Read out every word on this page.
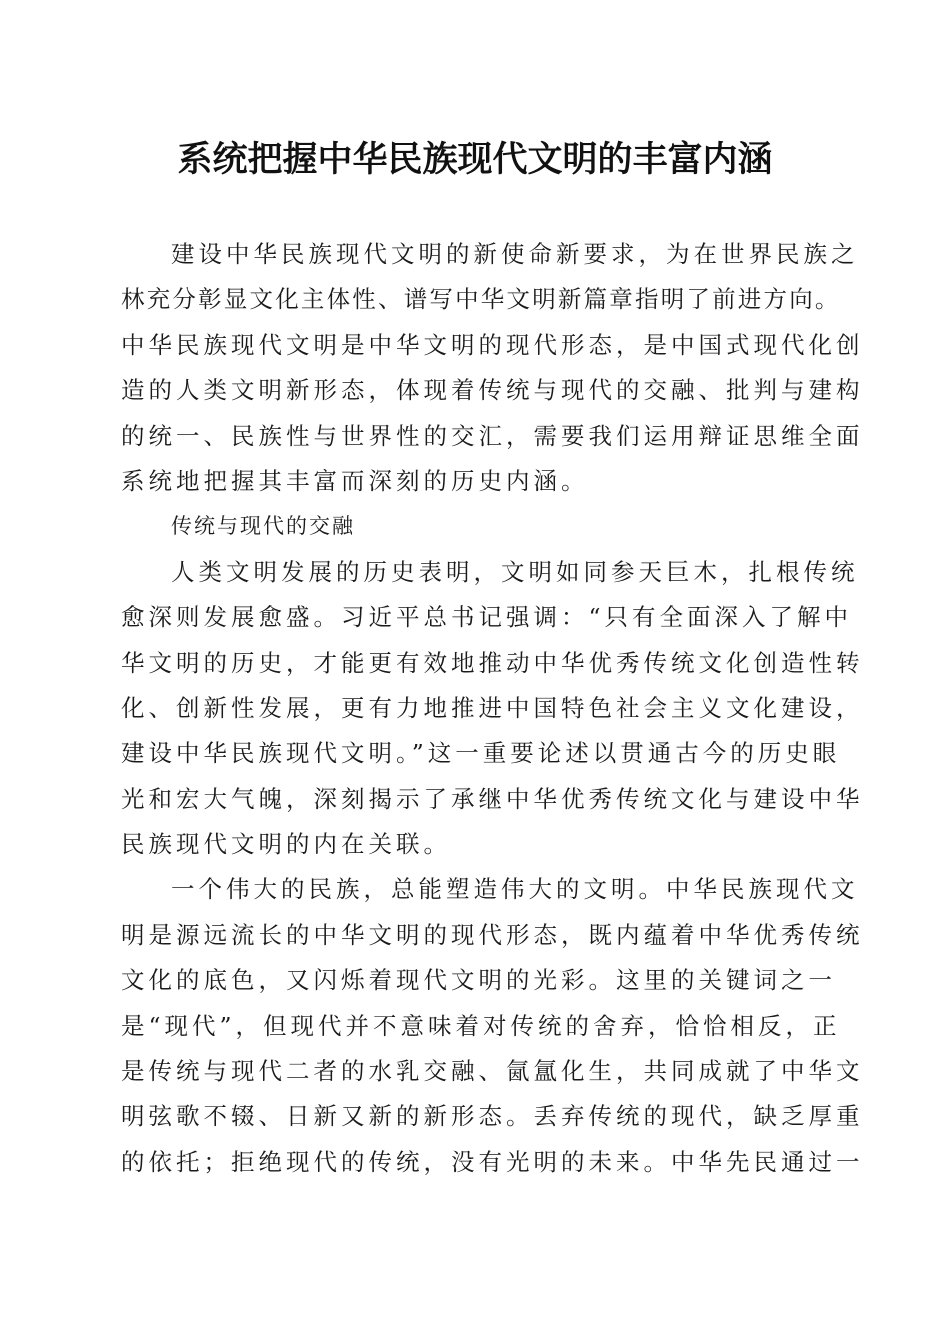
系统把握中华民族现代文明的丰富内涵

建设中华民族现代文明的新使命新要求，为在世界民族之

林充分彰显文化主体性、谱写中华文明新篇章指明了前进方向。

中华民族现代文明是中华文明的现代形态，是中国式现代化创

造的人类文明新形态，体现着传统与现代的交融、批判与建构

的统一、民族性与世界性的交汇，需要我们运用辩证思维全面

系统地把握其丰富而深刻的历史内涵。

传统与现代的交融

人类文明发展的历史表明，文明如同参天巨木，扎根传统

愈深则发展愈盛。习近平总书记强调：“只有全面深入了解中

华文明的历史，才能更有效地推动中华优秀传统文化创造性转

化、创新性发展，更有力地推进中国特色社会主义文化建设，

建设中华民族现代文明。”这一重要论述以贯通古今的历史眼

光和宏大气魄，深刻揭示了承继中华优秀传统文化与建设中华

民族现代文明的内在关联。

一个伟大的民族，总能塑造伟大的文明。中华民族现代文

明是源远流长的中华文明的现代形态，既内蕴着中华优秀传统

文化的底色，又闪烁着现代文明的光彩。这里的关键词之一

是“现代”，但现代并不意味着对传统的舍弃，恰恰相反，正

是传统与现代二者的水乳交融、氤氲化生，共同成就了中华文

明弦歌不辍、日新又新的新形态。丢弃传统的现代，缺乏厚重

的依托；拒绝现代的传统，没有光明的未来。中华先民通过一
